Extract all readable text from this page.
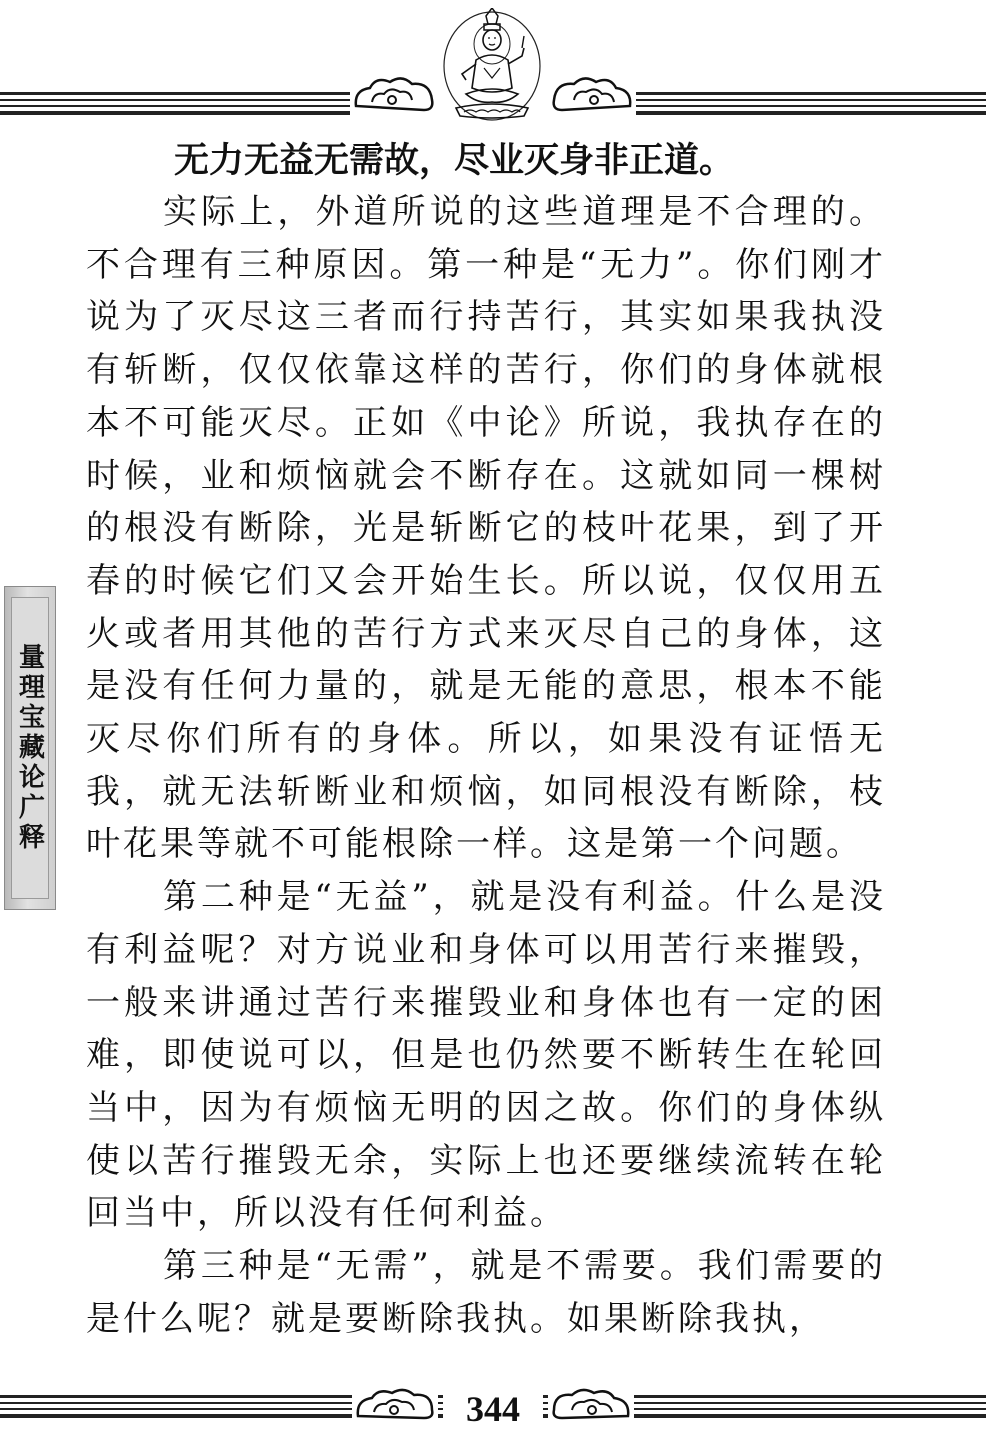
无力无益无需故，尽业灭身非正道。

实际上，外道所说的这些道理是不合理的。不合理有三种原因。第一种是“无力”。你们刚才说为了灭尽这三者而行持苦行，其实如果我执没有斩断，仅仅依靠这样的苦行，你们的身体就根本不可能灭尽。正如《中论》所说，我执存在的时候，业和烦恼就会不断存在。这就如同一棵树的根没有断除，光是斩断它的枝叶花果，到了开春的时候它们又会开始生长。所以说，仅仅用五火或者用其他的苦行方式来灭尽自己的身体，这是没有任何力量的，就是无能的意思，根本不能灭尽你们所有的身体。所以，如果没有证悟无我，就无法斩断业和烦恼，如同根没有断除，枝叶花果等就不可能根除一样。这是第一个问题。

第二种是“无益”，就是没有利益。什么是没有利益呢？对方说业和身体可以用苦行来摧毁，一般来讲通过苦行来摧毁业和身体也有一定的困难，即使说可以，但是也仍然要不断转生在轮回当中，因为有烦恼无明的因之故。你们的身体纵使以苦行摧毁无余，实际上也还要继续流转在轮回当中，所以没有任何利益。

第三种是“无需”，就是不需要。我们需要的是什么呢？就是要断除我执。如果断除我执，

量理宝藏论广释
344
